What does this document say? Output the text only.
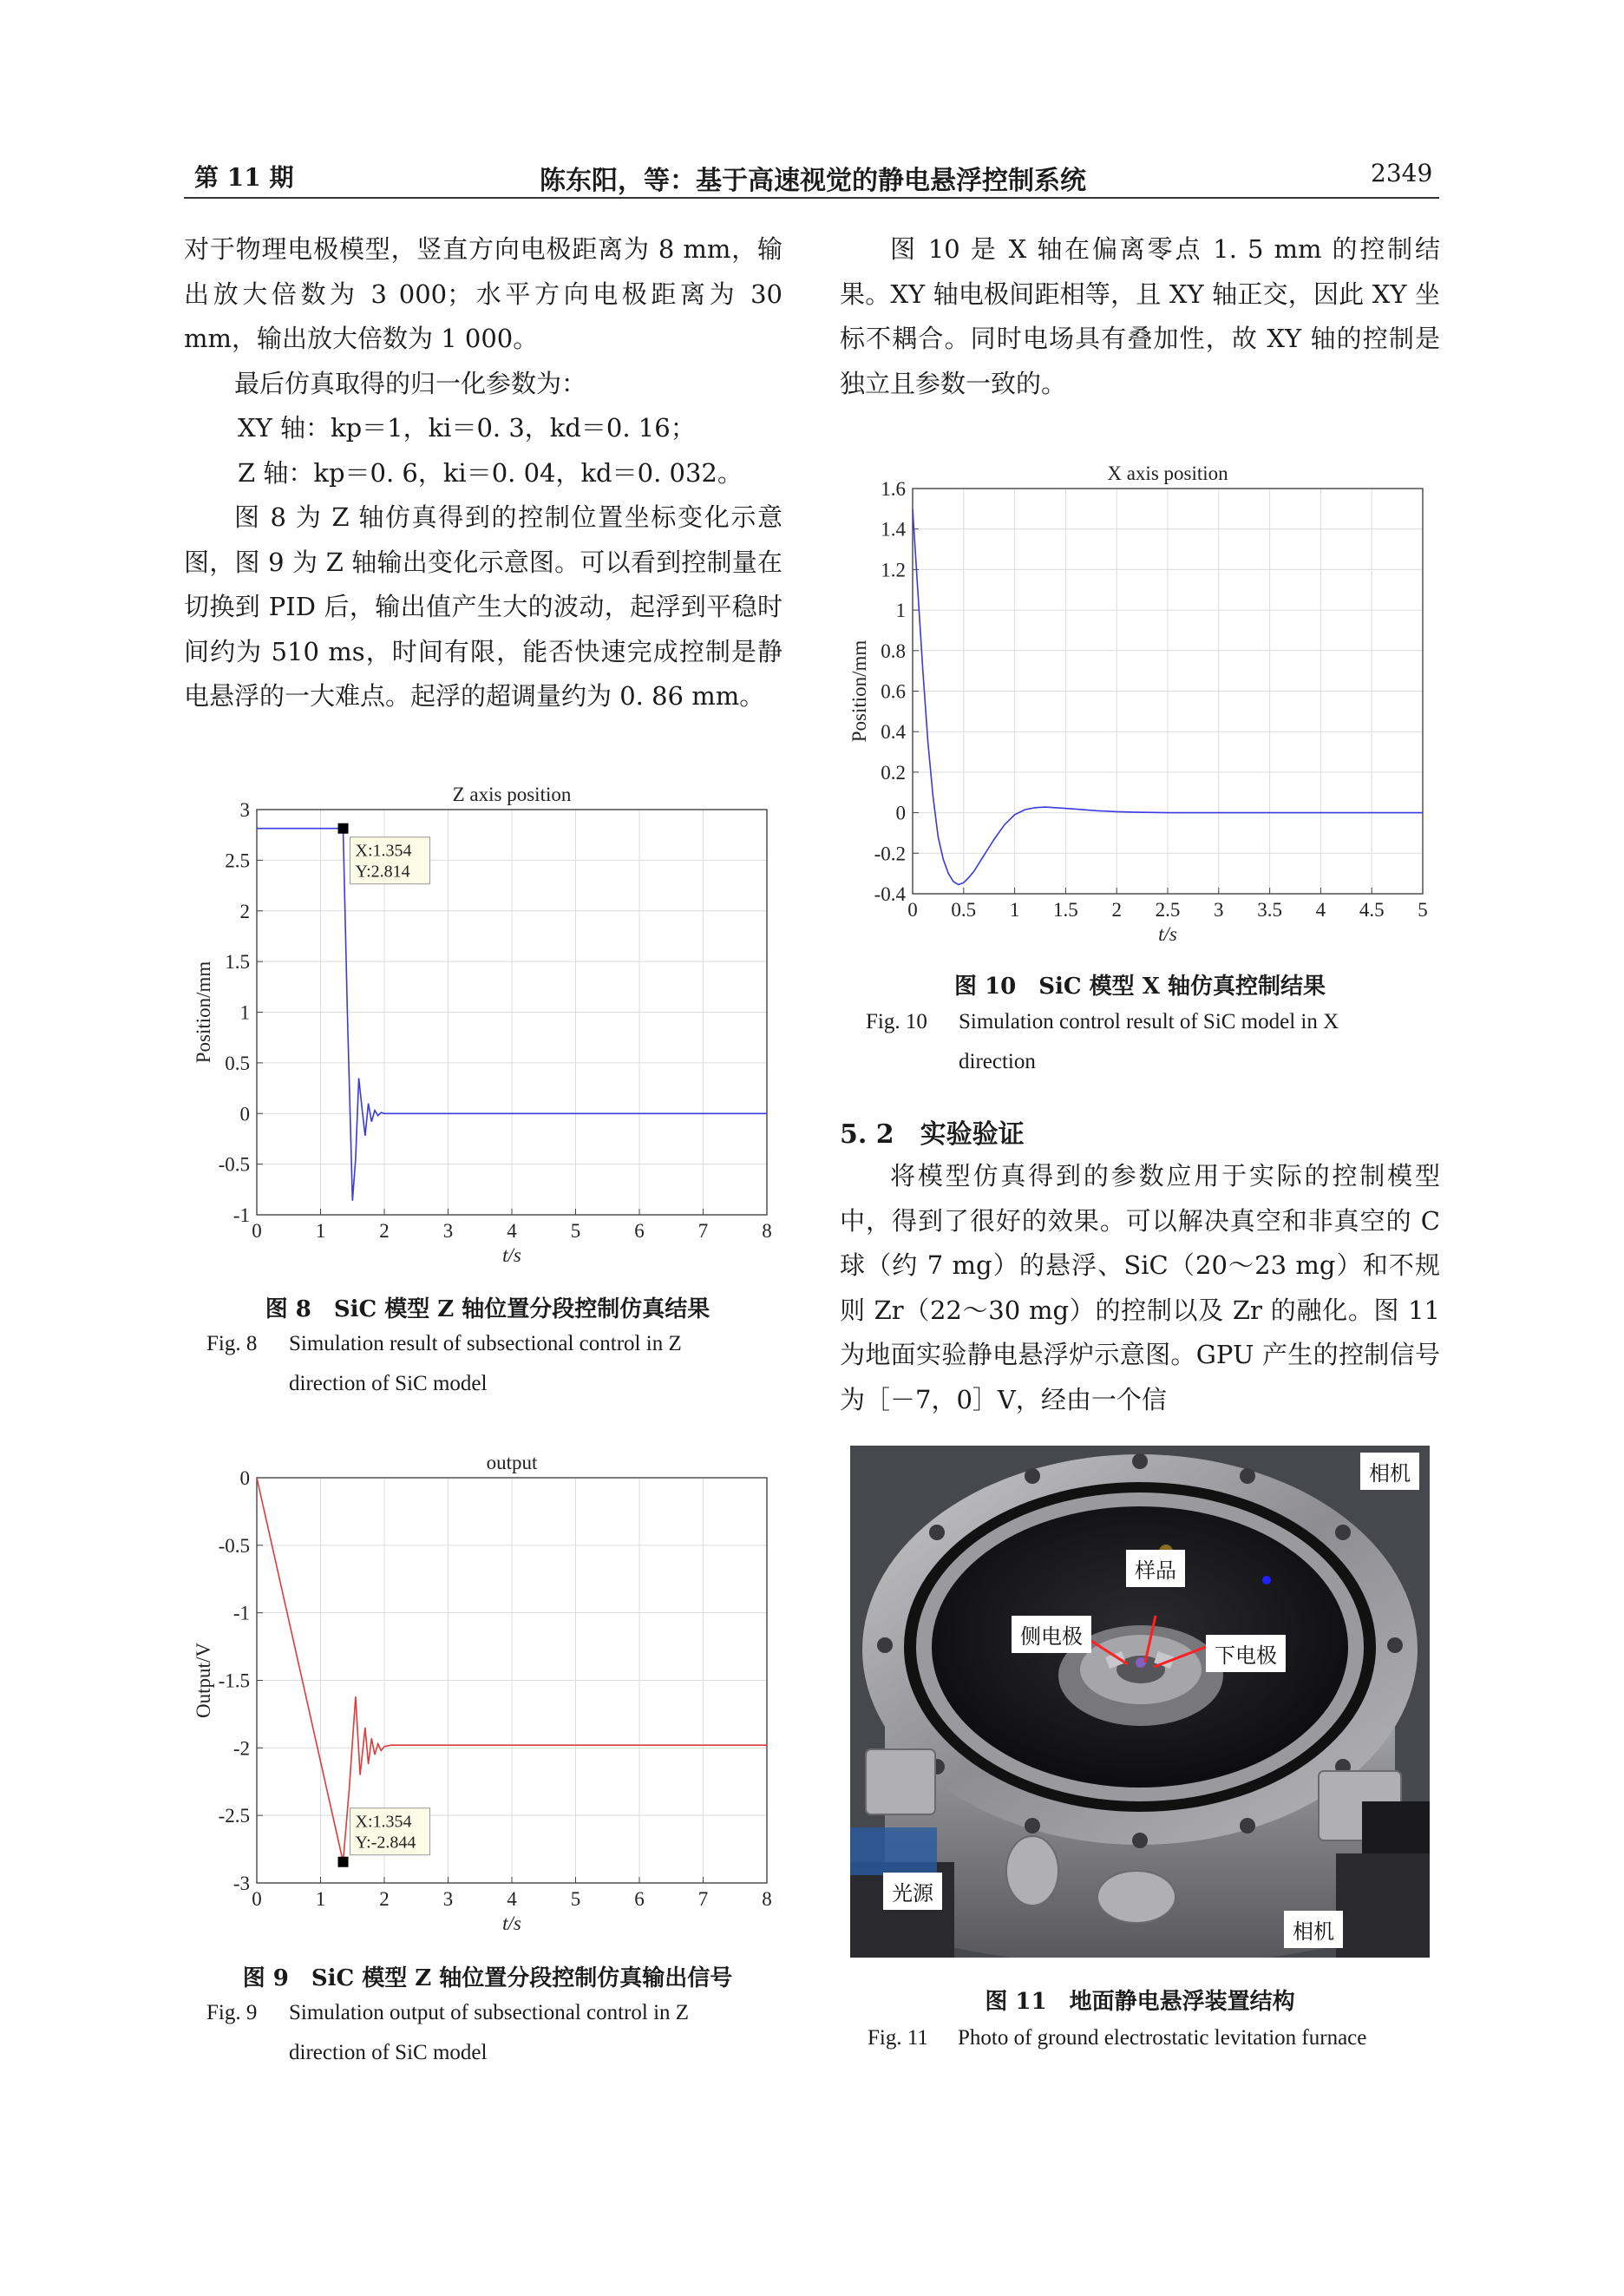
第 11 期	陈东阳，等：基于高速视觉的静电悬浮控制系统	2349

对于物理电极模型，竖直方向电极距离为 8 mm，输出放大倍数为 3 000；水平方向电极距离为 30 mm，输出放大倍数为 1 000。

最后仿真取得的归一化参数为：

XY 轴：kp＝1，ki＝0. 3，kd＝0. 16；

Z 轴：kp＝0. 6，ki＝0. 04，kd＝0. 032。

图 8 为 Z 轴仿真得到的控制位置坐标变化示意图，图 9 为 Z 轴输出变化示意图。可以看到控制量在切换到 PID 后，输出值产生大的波动，起浮到平稳时间约为 510 ms，时间有限，能否快速完成控制是静电悬浮的一大难点。起浮的超调量约为 0. 86 mm。

图 10 是 X 轴在偏离零点 1. 5 mm 的控制结果。XY 轴电极间距相等，且 XY 轴正交，因此 XY 坐标不耦合。同时电场具有叠加性，故 XY 轴的控制是独立且参数一致的。

Z axis position
0	1	2	3	4	5	6	7	8
-1
-0.5
0
0.5
1
1.5
2
2.5
3
t/s
Position/mm
X:1.354
Y:2.814
图 8　SiC 模型 Z 轴位置分段控制仿真结果
Fig. 8 Simulation result of subsectional control in Z
direction of SiC model
output
0	1	2	3	4	5	6	7	8
-3
-2.5
-2
-1.5
-1
-0.5
0
t/s
Output/V
X:1.354
Y:-2.844
图 9　SiC 模型 Z 轴位置分段控制仿真输出信号
Fig. 9 Simulation output of subsectional control in Z
direction of SiC model
X axis position
0 0.5 1 1.5 2 2.5 3 3.5 4 4.5 5
-0.4
-0.2
0
0.2
0.4
0.6
0.8
1
1.2
1.4
1.6
t/s
Position/mm
图 10　SiC 模型 X 轴仿真控制结果
Fig. 10 Simulation control result of SiC model in X
direction
5. 2　实验验证

将模型仿真得到的参数应用于实际的控制模型中，得到了很好的效果。可以解决真空和非真空的 C 球（约 7 mg）的悬浮、SiC（20～23 mg）和不规则 Zr（22～30 mg）的控制以及 Zr 的融化。图 11 为地面实验静电悬浮炉示意图。GPU 产生的控制信号为［－7，0］V，经由一个信

相机
样品
侧电极
下电极
光源
相机
图 11　地面静电悬浮装置结构
Fig. 11 Photo of ground electrostatic levitation furnace
